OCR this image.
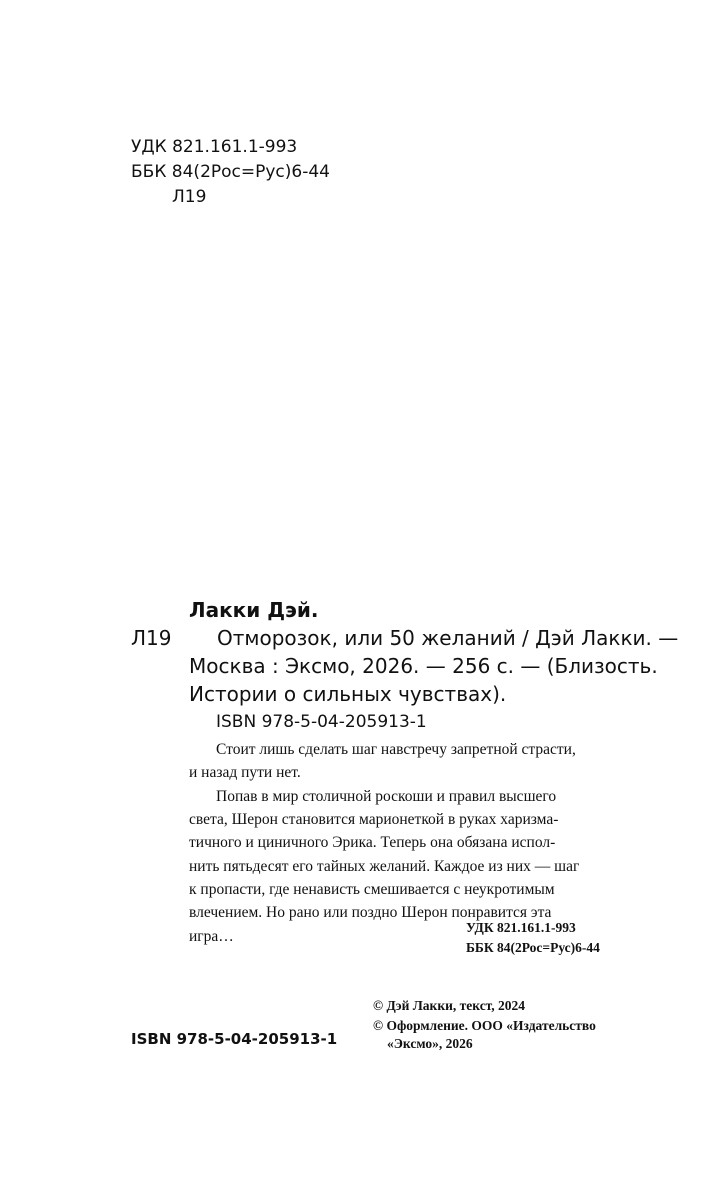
УДК 821.161.1-993
ББК 84(2Рос=Рус)6-44
Л19
Лакки Дэй.
Л19 Отморозок, или 50 желаний / Дэй Лакки. —
Москва : Эксмо, 2026. — 256 с. — (Близость.
Истории о сильных чувствах).
ISBN 978-5-04-205913-1
Стоит лишь сделать шаг навстречу запретной страсти,
и назад пути нет.
Попав в мир столичной роскоши и правил высшего
света, Шерон становится марионеткой в руках харизма-
тичного и циничного Эрика. Теперь она обязана испол-
нить пятьдесят его тайных желаний. Каждое из них — шаг
к пропасти, где ненависть смешивается с неукротимым
влечением. Но рано или поздно Шерон понравится эта
игра…
УДК 821.161.1-993
ББК 84(2Рос=Рус)6-44
© Дэй Лакки, текст, 2024
© Оформление. ООО «Издательство
«Эксмо», 2026
ISBN 978-5-04-205913-1
